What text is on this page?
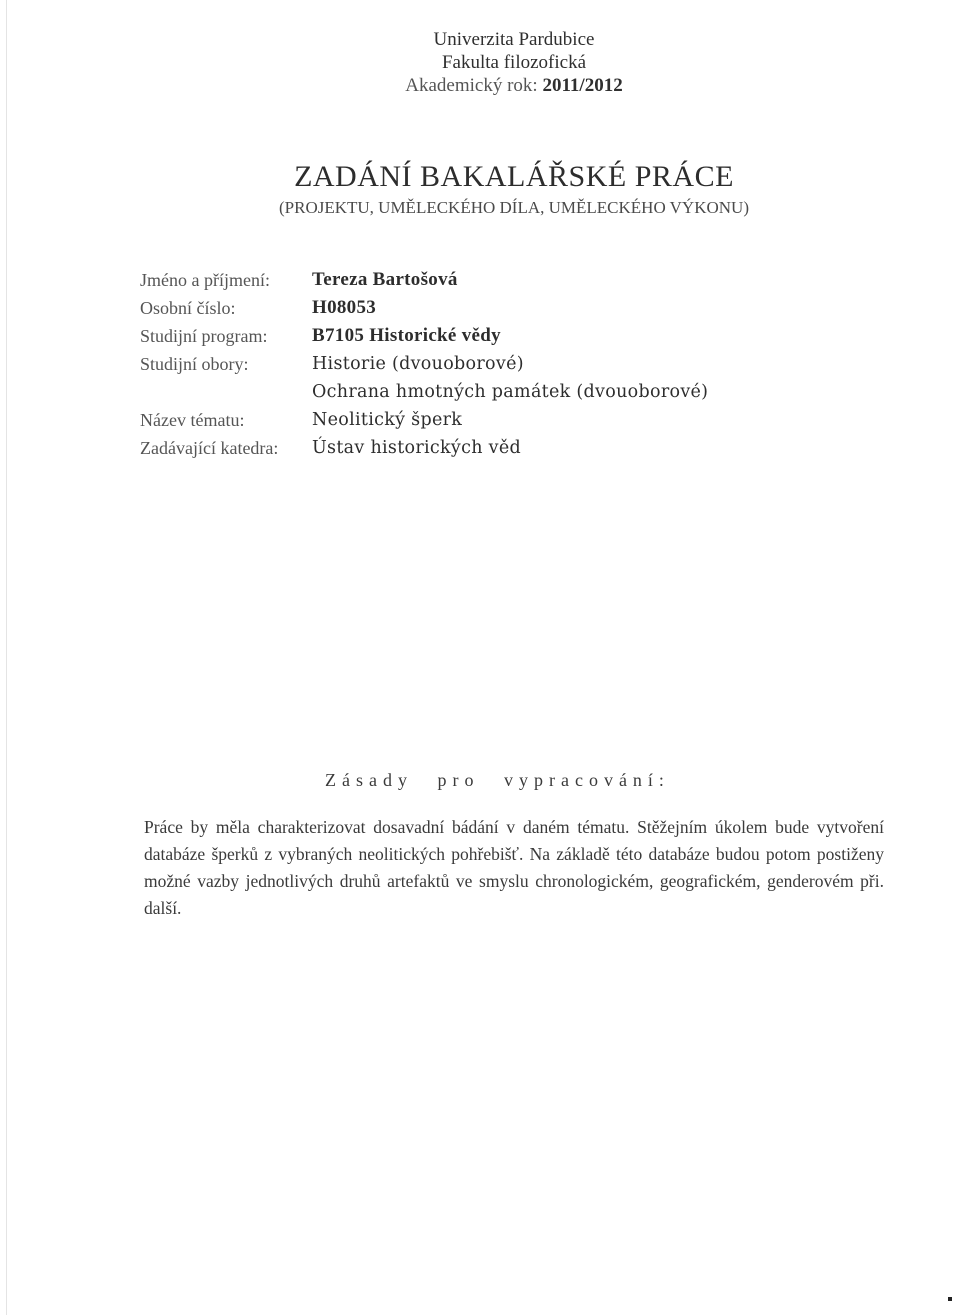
Univerzita Pardubice
Fakulta filozofická
Akademický rok: 2011/2012
ZADÁNÍ BAKALÁŘSKÉ PRÁCE
(PROJEKTU, UMĚLECKÉHO DÍLA, UMĚLECKÉHO VÝKONU)
Jméno a příjmení:	Tereza Bartošová
Osobní číslo:	H08053
Studijní program:	B7105 Historické vědy
Studijní obory:	Historie (dvouoborové)
Ochrana hmotných památek (dvouoborové)
Název tématu:	Neolitický šperk
Zadávající katedra:	Ústav historických věd
Zásady pro vypracování:
Práce by měla charakterizovat dosavadní bádání v daném tématu. Stěžejním úkolem bude vytvoření databáze šperků z vybraných neolitických pohřebišť. Na základě této databáze budou potom postiženy možné vazby jednotlivých druhů artefaktů ve smyslu chronologickém, geografickém, genderovém při. další.
